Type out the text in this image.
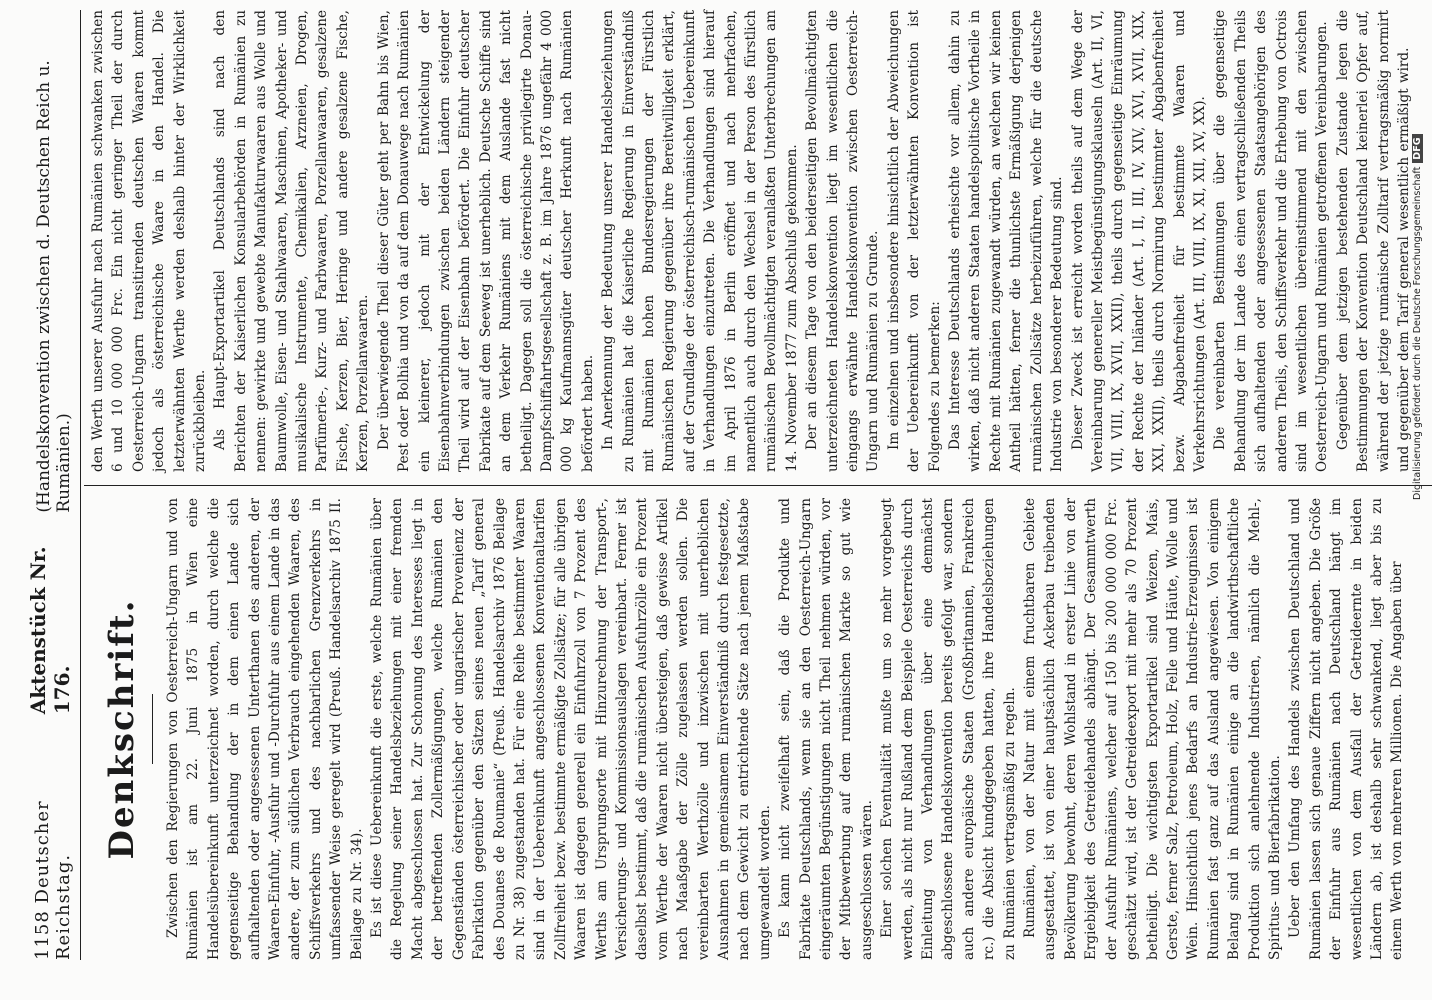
1158 Deutscher Reichstag.
Aktenstück Nr. 176.
(Handelskonvention zwischen d. Deutschen Reich u. Rumänien.)
Denkschrift. Zwischen den Regierungen von Oesterreich-Ungarn und von Rumänien ist am 22. Juni 1875 in Wien eine Handelsübereinkunft unterzeichnet worden, durch welche die gegenseitige Behandlung der in dem einen Lande sich aufhaltenden oder angesessenen Unterthanen des anderen, der Waaren-Einfuhr, -Ausfuhr und -Durchfuhr aus einem Lande in das andere, der zum südlichen Verbrauch eingehenden Waaren, des Schiffsverkehrs und des nachbarlichen Grenzverkehrs in umfassender Weise geregelt wird (Preuß. Handelsarchiv 1875 II. Beilage zu Nr. 34). Es ist diese Uebereinkunft die erste, welche Rumänien über die Regelung seiner Handelsbeziehungen mit einer fremden Macht abgeschlossen hat. Zur Schonung des Interesses liegt in der betreffenden Zollermäßigungen, welche Rumänien den Gegenständen österreichischer oder ungarischer Provenienz der Fabrikation gegenüber den Sätzen seines neuen „Tarif general des Douanes de Roumanie“ (Preuß. Handelsarchiv 1876 Beilage zu Nr. 38) zugestanden hat. Für eine Reihe bestimmter Waaren sind in der Uebereinkunft angeschlossenen Konventionaltarifen Zollfreiheit bezw. bestimmte ermäßigte Zollsätze; für alle übrigen Waaren ist dagegen generell ein Einfuhrzoll von 7 Prozent des Werths am Ursprungsorte mit Hinzurechnung der Transport-, Versicherungs- und Kommissionsauslagen vereinbart. Ferner ist daselbst bestimmt, daß die rumänischen Ausfuhrzölle ein Prozent vom Werthe der Waaren nicht übersteigen, daß gewisse Artikel nach Maaßgabe der Zölle zugelassen werden sollen. Die vereinbarten Werthzölle und inzwischen mit unerheblichen Ausnahmen in gemeinsamem Einverständniß durch festgesetzte, nach dem Gewicht zu entrichtende Sätze nach jenem Maßstabe umgewandelt worden. Es kann nicht zweifelhaft sein, daß die Produkte und Fabrikate Deutschlands, wenn sie an den Oesterreich-Ungarn eingeräumten Begünstigungen nicht Theil nehmen würden, vor der Mitbewerbung auf dem rumänischen Markte so gut wie ausgeschlossen wären. Einer solchen Eventualität mußte um so mehr vorgebeugt werden, als nicht nur Rußland dem Beispiele Oesterreichs durch Einleitung von Verhandlungen über eine demnächst abgeschlossene Handelskonvention bereits gefolgt war, sondern auch andere europäische Staaten (Großbritannien, Frankreich rc.) die Absicht kundgegeben hatten, ihre Handelsbeziehungen zu Rumänien vertragsmäßig zu regeln. Rumänien, von der Natur mit einem fruchtbaren Gebiete ausgestattet, ist von einer hauptsächlich Ackerbau treibenden Bevölkerung bewohnt, deren Wohlstand in erster Linie von der Ergiebigkeit des Getreidehandels abhängt. Der Gesammtwerth der Ausfuhr Rumäniens, welcher auf 150 bis 200 000 000 Frc. geschätzt wird, ist der Getreideexport mit mehr als 70 Prozent betheiligt. Die wichtigsten Exportartikel sind Weizen, Mais, Gerste, ferner Salz, Petroleum, Holz, Felle und Häute, Wolle und Wein. Hinsichtlich jenes Bedarfs an Industrie-Erzeugnissen ist Rumänien fast ganz auf das Ausland angewiesen. Von einigem Belang sind in Rumänien einige an die landwirthschaftliche Produktion sich anlehnende Industrieen, nämlich die Mehl-, Spiritus- und Bierfabrikation. Ueber den Umfang des Handels zwischen Deutschland und Rumänien lassen sich genaue Ziffern nicht angeben. Die Größe der Einfuhr aus Rumänien nach Deutschland hängt im wesentlichen von dem Ausfall der Getreideernte in beiden Ländern ab, ist deshalb sehr schwankend, liegt aber bis zu einem Werth von mehreren Millionen. Die Angaben über

den Werth unserer Ausfuhr nach Rumänien schwanken zwischen 6 und 10 000 000 Frc. Ein nicht geringer Theil der durch Oesterreich-Ungarn transitirenden deutschen Waaren kommt jedoch als österreichische Waare in den Handel. Die letzterwähnten Werthe werden deshalb hinter der Wirklichkeit zurückbleiben. Als Haupt-Exportartikel Deutschlands sind nach den Berichten der Kaiserlichen Konsularbehörden in Rumänien zu nennen: gewirkte und gewebte Manufakturwaaren aus Wolle und Baumwolle, Eisen- und Stahlwaaren, Maschinen, Apotheker- und musikalische Instrumente, Chemikalien, Arzneien, Drogen, Parfümerie-, Kurz- und Farbwaaren, Porzellanwaaren, gesalzene Fische, Kerzen, Bier, Heringe und andere gesalzene Fische, Kerzen, Porzellanwaaren. Der überwiegende Theil dieser Güter geht per Bahn bis Wien, Pest oder Bolhia und von da auf dem Donauwege nach Rumänien ein kleinerer, jedoch mit der Entwickelung der Eisenbahnverbindungen zwischen beiden Ländern steigender Theil wird auf der Eisenbahn befördert. Die Einfuhr deutscher Fabrikate auf dem Seeweg ist unerheblich. Deutsche Schiffe sind an dem Verkehr Rumäniens mit dem Auslande fast nicht betheiligt. Dagegen soll die österreichische privilegirte Donau-Dampfschiffahrtsgesellschaft z. B. im Jahre 1876 ungefähr 4 000 000 kg Kaufmannsgüter deutscher Herkunft nach Rumänien befördert haben. In Anerkennung der Bedeutung unserer Handelsbeziehungen zu Rumänien hat die Kaiserliche Regierung in Einverständniß mit Rumänien hohen Bundesregierungen der Fürstlich Rumänischen Regierung gegenüber ihre Bereitwilligkeit erklärt, auf der Grundlage der österreichisch-rumänischen Uebereinkunft in Verhandlungen einzutreten. Die Verhandlungen sind hierauf im April 1876 in Berlin eröffnet und nach mehrfachen, namentlich auch durch den Wechsel in der Person des fürstlich rumänischen Bevollmächtigten veranlaßten Unterbrechungen am 14. November 1877 zum Abschluß gekommen. Der an diesem Tage von den beiderseitigen Bevollmächtigten unterzeichneten Handelskonvention liegt im wesentlichen die eingangs erwähnte Handelskonvention zwischen Oesterreich-Ungarn und Rumänien zu Grunde. Im einzelnen und insbesondere hinsichtlich der Abweichungen der Uebereinkunft von der letzterwähnten Konvention ist Folgendes zu bemerken: Das Interesse Deutschlands erheischte vor allem, dahin zu wirken, daß nicht anderen Staaten handelspolitische Vortheile in Rechte mit Rumänien zugewandt würden, an welchen wir keinen Antheil hätten, ferner die thunlichste Ermäßigung derjenigen rumänischen Zollsätze herbeizuführen, welche für die deutsche Industrie von besonderer Bedeutung sind. Dieser Zweck ist erreicht worden theils auf dem Wege der Vereinbarung genereller Meistbegünstigungsklauseln (Art. II, VI, VII, VIII, IX, XVII, XXII), theils durch gegenseitige Einräumung der Rechte der Inländer (Art. I, II, III, IV, XIV, XVI, XVII, XIX, XXI, XXII), theils durch Normirung bestimmter Abgabenfreiheit bezw. Abgabenfreiheit für bestimmte Waaren und Verkehrsrichtungen (Art. III, VIII, IX, XI, XII, XV, XX). Die vereinbarten Bestimmungen über die gegenseitige Behandlung der im Lande des einen vertragschließenden Theils sich aufhaltenden oder angesessenen Staatsangehörigen des anderen Theils, den Schiffsverkehr und die Erhebung von Octrois sind im wesentlichen übereinstimmend mit den zwischen Oesterreich-Ungarn und Rumänien getroffenen Vereinbarungen. Gegenüber dem jetzigen bestehenden Zustande legen die Bestimmungen der Konvention Deutschland keinerlei Opfer auf, während der jetzige rumänische Zolltarif vertragsmäßig normirt und gegenüber dem Tarif general wesentlich ermäßigt wird. Digitalisierung gefördert durch die Deutsche ForschungsgemeinschaftDFG
